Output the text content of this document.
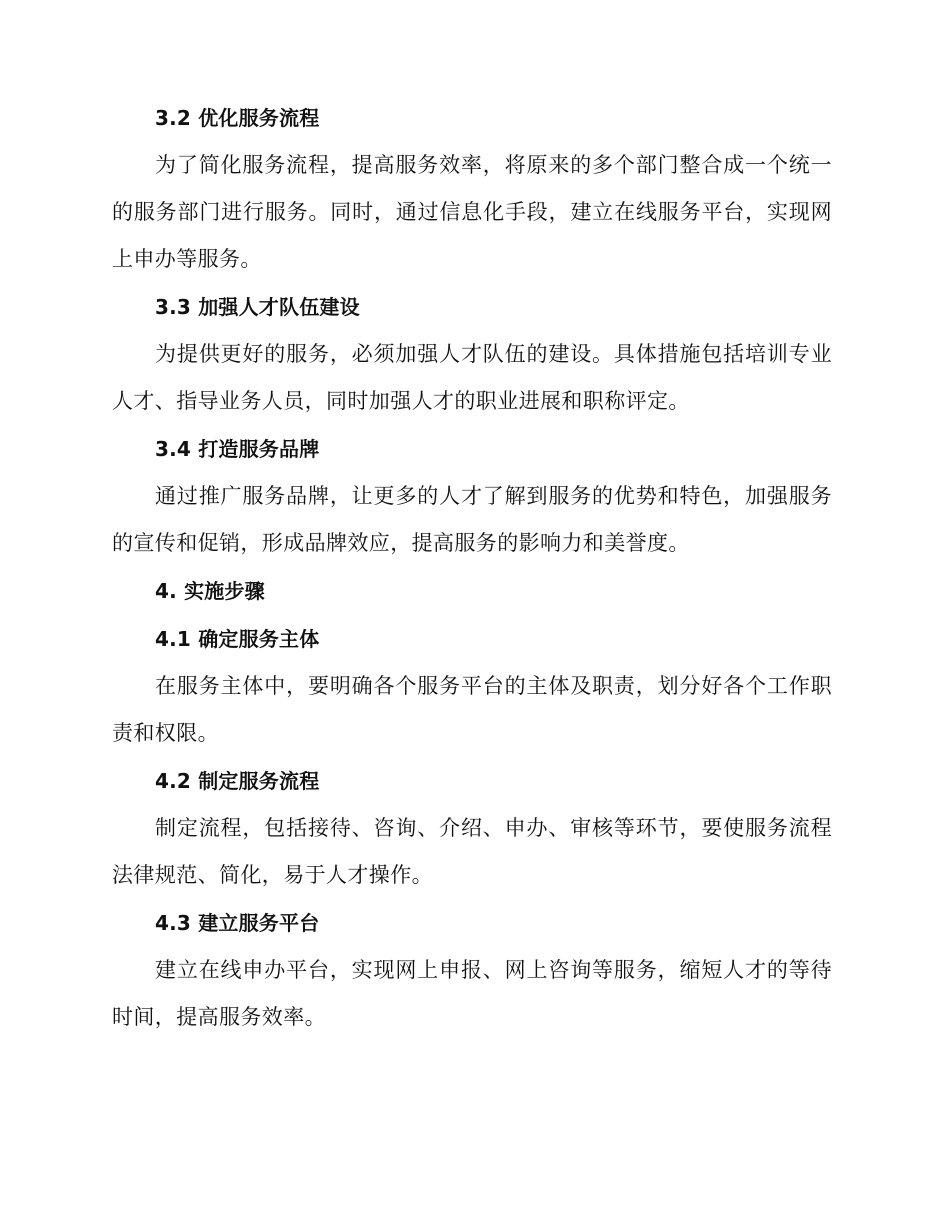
3.2 优化服务流程

为了简化服务流程，提高服务效率，将原来的多个部门整合成一个统一的服务部门进行服务。同时，通过信息化手段，建立在线服务平台，实现网上申办等服务。

3.3 加强人才队伍建设

为提供更好的服务，必须加强人才队伍的建设。具体措施包括培训专业人才、指导业务人员，同时加强人才的职业进展和职称评定。

3.4 打造服务品牌

通过推广服务品牌，让更多的人才了解到服务的优势和特色，加强服务的宣传和促销，形成品牌效应，提高服务的影响力和美誉度。

4. 实施步骤
4.1 确定服务主体

在服务主体中，要明确各个服务平台的主体及职责，划分好各个工作职责和权限。

4.2 制定服务流程

制定流程，包括接待、咨询、介绍、申办、审核等环节，要使服务流程法律规范、简化，易于人才操作。

4.3 建立服务平台

建立在线申办平台，实现网上申报、网上咨询等服务，缩短人才的等待时间，提高服务效率。
